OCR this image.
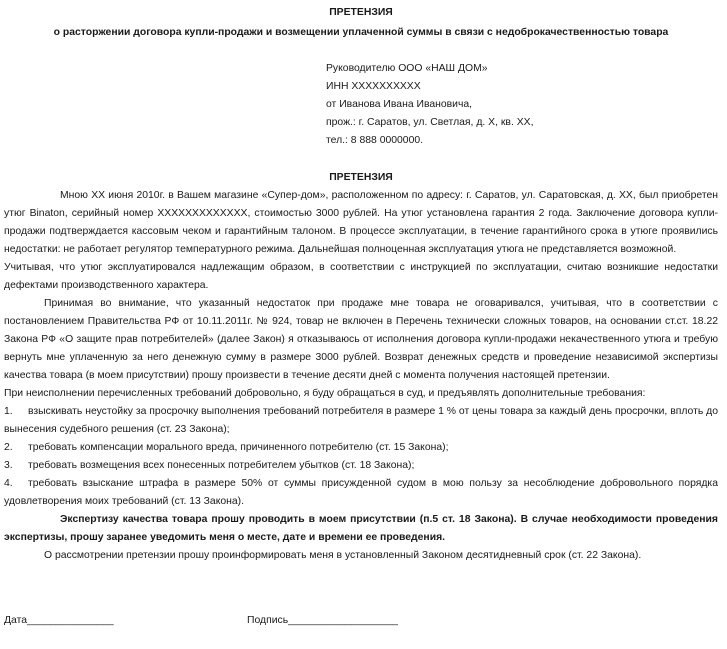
ПРЕТЕНЗИЯ
о расторжении договора купли-продажи и возмещении уплаченной суммы в связи с недоброкачественностью товара
Руководителю ООО «НАШ ДОМ»
ИНН ХХХХХХХХХХ
от Иванова Ивана Ивановича,
прож.: г. Саратов, ул. Светлая, д. Х, кв. ХХ,
тел.: 8 888 0000000.
ПРЕТЕНЗИЯ

Мною ХХ июня 2010г. в Вашем магазине «Супер-дом», расположенном по адресу: г. Саратов, ул. Саратовская, д. ХХ, был приобретен утюг Binaton, серийный номер ХХХХХХХХХХХХХ, стоимостью 3000 рублей. На утюг установлена гарантия 2 года. Заключение договора купли-продажи подтверждается кассовым чеком и гарантийным талоном. В процессе эксплуатации, в течение гарантийного срока в утюге проявились недостатки: не работает регулятор температурного режима. Дальнейшая полноценная эксплуатация утюга не представляется возможной.

Учитывая, что утюг эксплуатировался надлежащим образом, в соответствии с инструкцией по эксплуатации, считаю возникшие недостатки дефектами производственного характера.

Принимая во внимание, что указанный недостаток при продаже мне товара не оговаривался, учитывая, что в соответствии с постановлением Правительства РФ от 10.11.2011г. № 924, товар не включен в Перечень технически сложных товаров, на основании ст.ст. 18.22 Закона РФ «О защите прав потребителей» (далее Закон) я отказываюсь от исполнения договора купли-продажи некачественного утюга и требую вернуть мне уплаченную за него денежную сумму в размере 3000 рублей. Возврат денежных средств и проведение независимой экспертизы качества товара (в моем присутствии) прошу произвести в течение десяти дней с момента получения настоящей претензии.

При неисполнении перечисленных требований добровольно, я буду обращаться в суд, и предъявлять дополнительные требования:

1. взыскивать неустойку за просрочку выполнения требований потребителя в размере 1 % от цены товара за каждый день просрочки, вплоть до вынесения судебного решения (ст. 23 Закона);
2. требовать компенсации морального вреда, причиненного потребителю (ст. 15 Закона);
3. требовать возмещения всех понесенных потребителем убытков (ст. 18 Закона);
4. требовать взыскание штрафа в размере 50% от суммы присужденной судом в мою пользу за несоблюдение добровольного порядка удовлетворения моих требований (ст. 13 Закона).

Экспертизу качества товара прошу проводить в моем присутствии (п.5 ст. 18 Закона). В случае необходимости проведения экспертизы, прошу заранее уведомить меня о месте, дате и времени ее проведения.

О рассмотрении претензии прошу проинформировать меня в установленный Законом десятидневный срок (ст. 22 Закона).

Дата_______________	Подпись___________________
